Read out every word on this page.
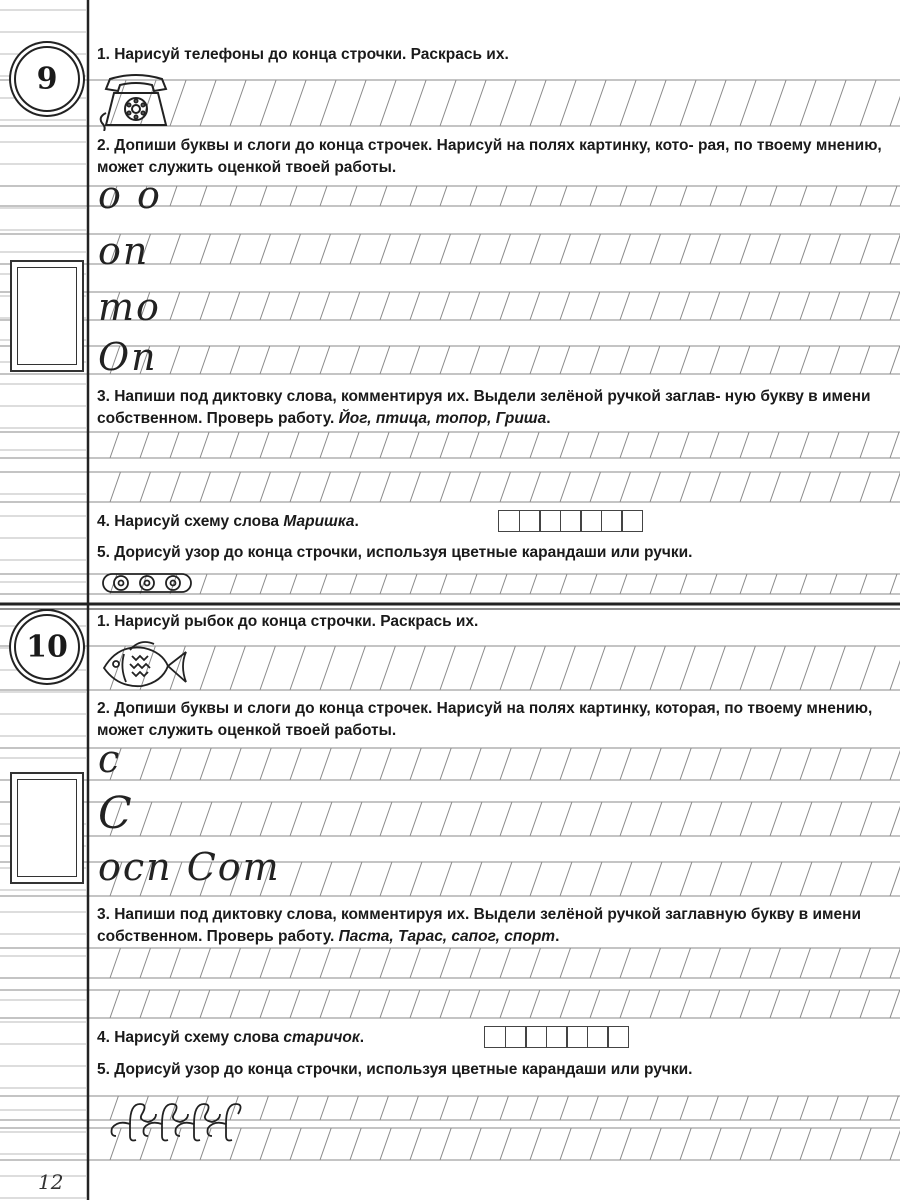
9

1. Нарисуй телефоны до конца строчки. Раскрась их.

2. Допиши буквы и слоги до конца строчек. Нарисуй на полях картинку, кото- рая, по твоему мнению, может служить оценкой твоей работы.

о о
оп
то
Оп

3. Напиши под диктовку слова, комментируя их. Выдели зелёной ручкой заглав- ную букву в имени собственном. Проверь работу. Йог, птица, топор, Гриша.

4. Нарисуй схему слова Маришка.

5. Дорисуй узор до конца строчки, используя цветные карандаши или ручки.

10

1. Нарисуй рыбок до конца строчки. Раскрась их.

2. Допиши буквы и слоги до конца строчек. Нарисуй на полях картинку, которая, по твоему мнению, может служить оценкой твоей работы.

с
С
осп Сот

3. Напиши под диктовку слова, комментируя их. Выдели зелёной ручкой заглавную букву в имени собственном. Проверь работу. Паста, Тарас, сапог, спорт.

4. Нарисуй схему слова старичок.

5. Дорисуй узор до конца строчки, используя цветные карандаши или ручки.

12
